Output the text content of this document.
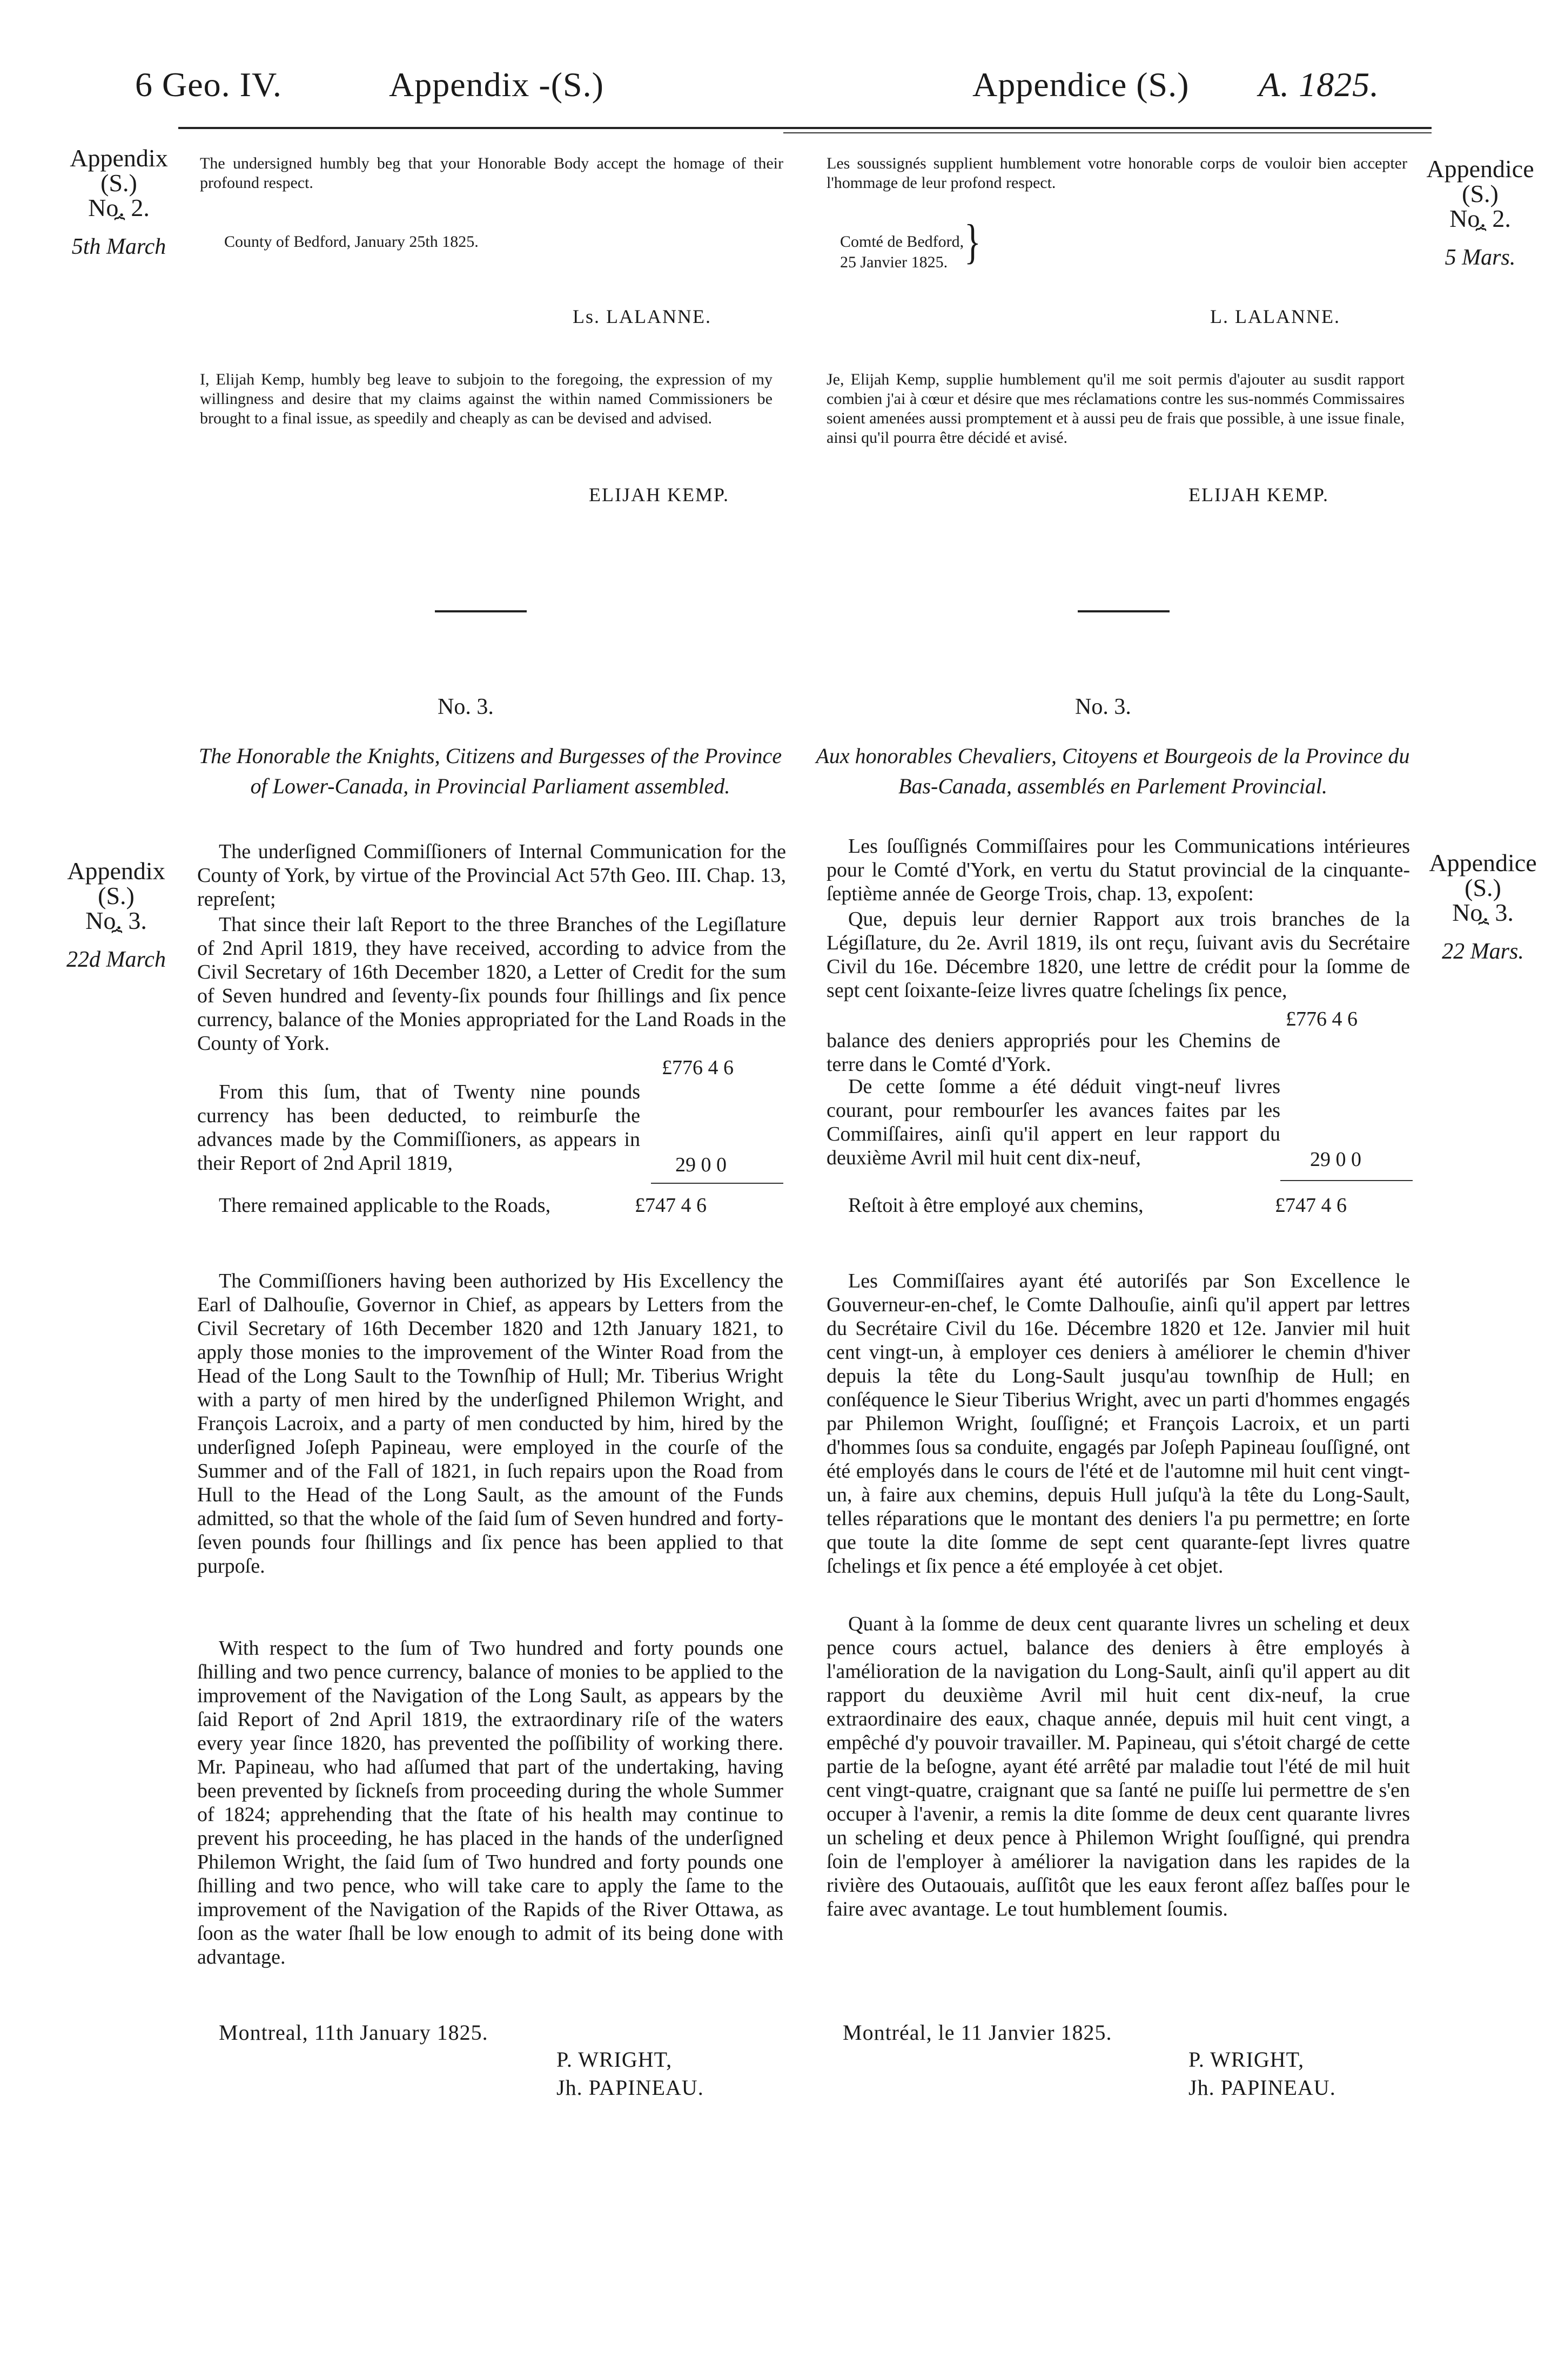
6 Geo. IV.	Appendix -(S.)	Appendice (S.) A. 1825.
Appendix
(S.)
No. 2.
⏞
5th March
Appendice
(S.)
No. 2.
⏞
5 Mars.

The undersigned humbly beg that your Honorable Body accept the homage of their profound respect.

County of Bedford, January 25th 1825.
Ls. LALANNE.

Les soussignés supplient humblement votre honorable corps de vouloir bien accepter l'hommage de leur profond respect.

Comté de Bedford,
25 Janvier 1825. }
L. LALANNE.

I, Elijah Kemp, humbly beg leave to subjoin to the foregoing, the expression of my willingness and desire that my claims against the within named Commissioners be brought to a final issue, as speedily and cheaply as can be devised and advised.

ELIJAH KEMP.

Je, Elijah Kemp, supplie humblement qu'il me soit permis d'ajouter au susdit rapport combien j'ai à cœur et désire que mes réclamations contre les sus-nommés Commissaires soient amenées aussi promptement et à aussi peu de frais que possible, à une issue finale, ainsi qu'il pourra être décidé et avisé.

ELIJAH KEMP.
No. 3.	No. 3.
The Honorable the Knights, Citizens and Burgesses of the Province of Lower-Canada, in Provincial Parliament assembled.
Aux honorables Chevaliers, Citoyens et Bourgeois de la Province du Bas-Canada, assemblés en Parlement Provincial.
Appendix
(S.)
No. 3.
⏞
22d March
Appendice
(S.)
No. 3.
⏞
22 Mars.

The underſigned Commiſſioners of Internal Communication for the County of York, by virtue of the Provincial Act 57th Geo. III. Chap. 13, repreſent;

That since their laſt Report to the three Branches of the Legiſlature of 2nd April 1819, they have received, according to advice from the Civil Secretary of 16th December 1820, a Letter of Credit for the sum of Seven hundred and ſeventy-ſix pounds four ſhillings and ſix pence currency, balance of the Monies appropriated for the Land Roads in the County of York.

£776 4 6

From this ſum, that of Twenty nine pounds currency has been deducted, to reimburſe the advances made by the Commiſſioners, as appears in their Report of 2nd April 1819,	29 0 0

There remained applicable to the Roads,	£747 4 6

Les ſouſſignés Commiſſaires pour les Communications intérieures pour le Comté d'York, en vertu du Statut provincial de la cinquante-ſeptième année de George Trois, chap. 13, expoſent:

Que, depuis leur dernier Rapport aux trois branches de la Légiſlature, du 2e. Avril 1819, ils ont reçu, ſuivant avis du Secrétaire Civil du 16e. Décembre 1820, une lettre de crédit pour la ſomme de sept cent ſoixante-ſeize livres quatre ſchelings ſix pence,

£776 4 6

balance des deniers appropriés pour les Chemins de terre dans le Comté d'York.

De cette ſomme a été déduit vingt-neuf livres courant, pour rembourſer les avances faites par les Commiſſaires, ainſi qu'il appert en leur rapport du deuxième Avril mil huit cent dix-neuf,	29 0 0

Reſtoit à être employé aux chemins,	£747 4 6

The Commiſſioners having been authorized by His Excellency the Earl of Dalhouſie, Governor in Chief, as appears by Letters from the Civil Secretary of 16th December 1820 and 12th January 1821, to apply those monies to the improvement of the Winter Road from the Head of the Long Sault to the Townſhip of Hull; Mr. Tiberius Wright with a party of men hired by the underſigned Philemon Wright, and François Lacroix, and a party of men conducted by him, hired by the underſigned Joſeph Papineau, were employed in the courſe of the Summer and of the Fall of 1821, in ſuch repairs upon the Road from Hull to the Head of the Long Sault, as the amount of the Funds admitted, so that the whole of the ſaid ſum of Seven hundred and forty-ſeven pounds four ſhillings and ſix pence has been applied to that purpoſe.

Les Commiſſaires ayant été autoriſés par Son Excellence le Gouverneur-en-chef, le Comte Dalhouſie, ainſi qu'il appert par lettres du Secrétaire Civil du 16e. Décembre 1820 et 12e. Janvier mil huit cent vingt-un, à employer ces deniers à améliorer le chemin d'hiver depuis la tête du Long-Sault jusqu'au townſhip de Hull; en conſéquence le Sieur Tiberius Wright, avec un parti d'hommes engagés par Philemon Wright, ſouſſigné; et François Lacroix, et un parti d'hommes ſous sa conduite, engagés par Joſeph Papineau ſouſſigné, ont été employés dans le cours de l'été et de l'automne mil huit cent vingt-un, à faire aux chemins, depuis Hull juſqu'à la tête du Long-Sault, telles réparations que le montant des deniers l'a pu permettre; en ſorte que toute la dite ſomme de sept cent quarante-ſept livres quatre ſchelings et ſix pence a été employée à cet objet.

With respect to the ſum of Two hundred and forty pounds one ſhilling and two pence currency, balance of monies to be applied to the improvement of the Navigation of the Long Sault, as appears by the ſaid Report of 2nd April 1819, the extraordinary riſe of the waters every year ſince 1820, has prevented the poſſibility of working there. Mr. Papineau, who had aſſumed that part of the undertaking, having been prevented by ſickneſs from proceeding during the whole Summer of 1824; apprehending that the ſtate of his health may continue to prevent his proceeding, he has placed in the hands of the underſigned Philemon Wright, the ſaid ſum of Two hundred and forty pounds one ſhilling and two pence, who will take care to apply the ſame to the improvement of the Navigation of the Rapids of the River Ottawa, as ſoon as the water ſhall be low enough to admit of its being done with advantage.

Quant à la ſomme de deux cent quarante livres un scheling et deux pence cours actuel, balance des deniers à être employés à l'amélioration de la navigation du Long-Sault, ainſi qu'il appert au dit rapport du deuxième Avril mil huit cent dix-neuf, la crue extraordinaire des eaux, chaque année, depuis mil huit cent vingt, a empêché d'y pouvoir travailler. M. Papineau, qui s'étoit chargé de cette partie de la beſogne, ayant été arrêté par maladie tout l'été de mil huit cent vingt-quatre, craignant que sa ſanté ne puiſſe lui permettre de s'en occuper à l'avenir, a remis la dite ſomme de deux cent quarante livres un scheling et deux pence à Philemon Wright ſouſſigné, qui prendra ſoin de l'employer à améliorer la navigation dans les rapides de la rivière des Outaouais, auſſitôt que les eaux feront aſſez baſſes pour le faire avec avantage. Le tout humblement ſoumis.

Montreal, 11th January 1825.
P. WRIGHT,
Jh. PAPINEAU.
Montréal, le 11 Janvier 1825.
P. WRIGHT,
Jh. PAPINEAU.
